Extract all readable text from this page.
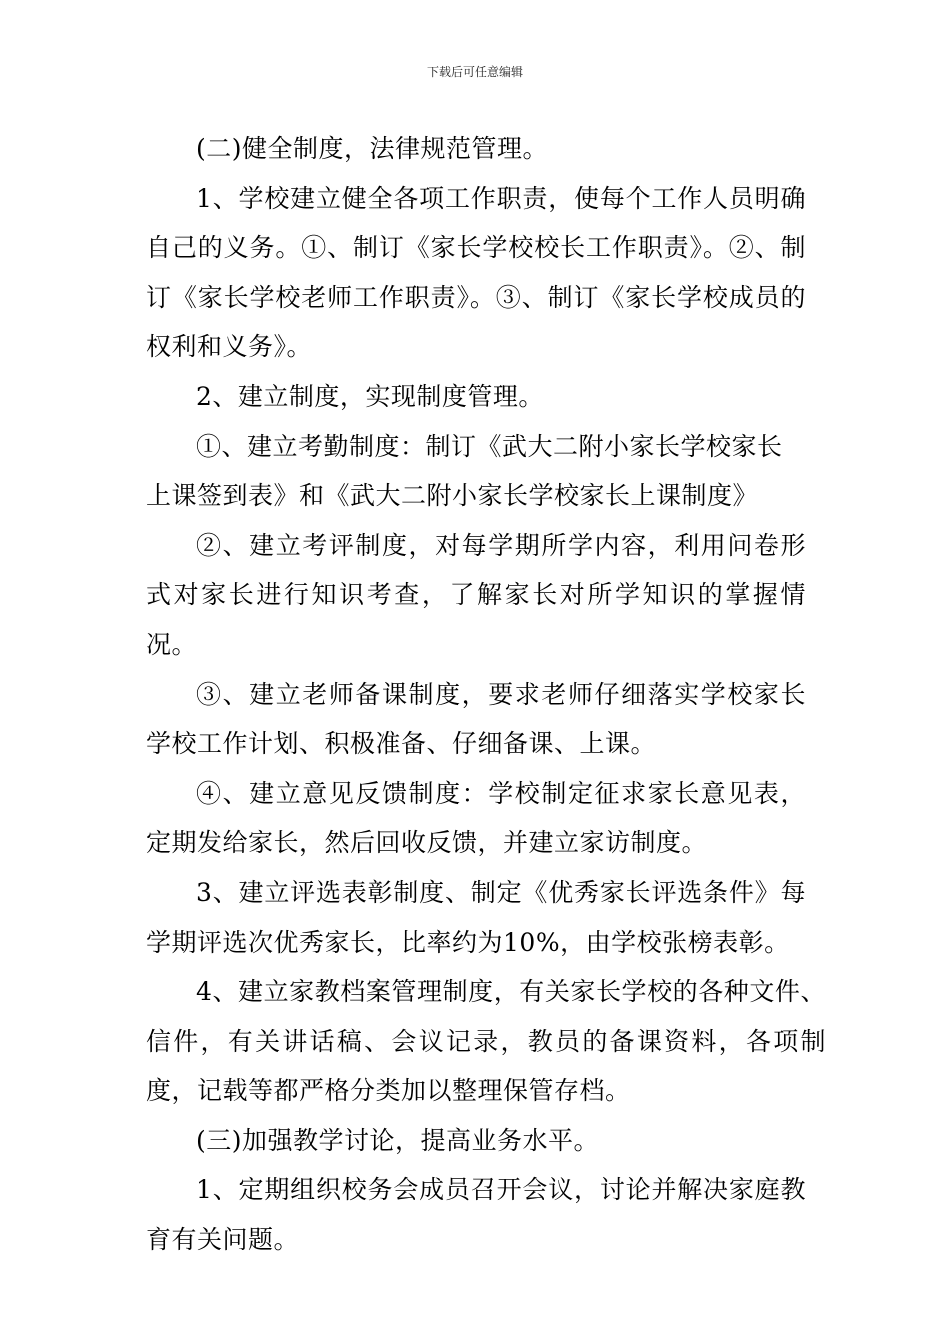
下载后可任意编辑

(二)健全制度，法律规范管理。

1、学校建立健全各项工作职责，使每个工作人员明确自己的义务。①、制订《家长学校校长工作职责》。②、制订《家长学校老师工作职责》。③、制订《家长学校成员的权利和义务》。

2、建立制度，实现制度管理。

①、建立考勤制度：制订《武大二附小家长学校家长上课签到表》和《武大二附小家长学校家长上课制度》

②、建立考评制度，对每学期所学内容，利用问卷形式对家长进行知识考查，了解家长对所学知识的掌握情况。

③、建立老师备课制度，要求老师仔细落实学校家长学校工作计划、积极准备、仔细备课、上课。

④、建立意见反馈制度：学校制定征求家长意见表，定期发给家长，然后回收反馈，并建立家访制度。

3、建立评选表彰制度、制定《优秀家长评选条件》每学期评选次优秀家长，比率约为10%，由学校张榜表彰。

4、建立家教档案管理制度，有关家长学校的各种文件、信件，有关讲话稿、会议记录，教员的备课资料，各项制度，记载等都严格分类加以整理保管存档。

(三)加强教学讨论，提高业务水平。

1、定期组织校务会成员召开会议，讨论并解决家庭教育有关问题。
